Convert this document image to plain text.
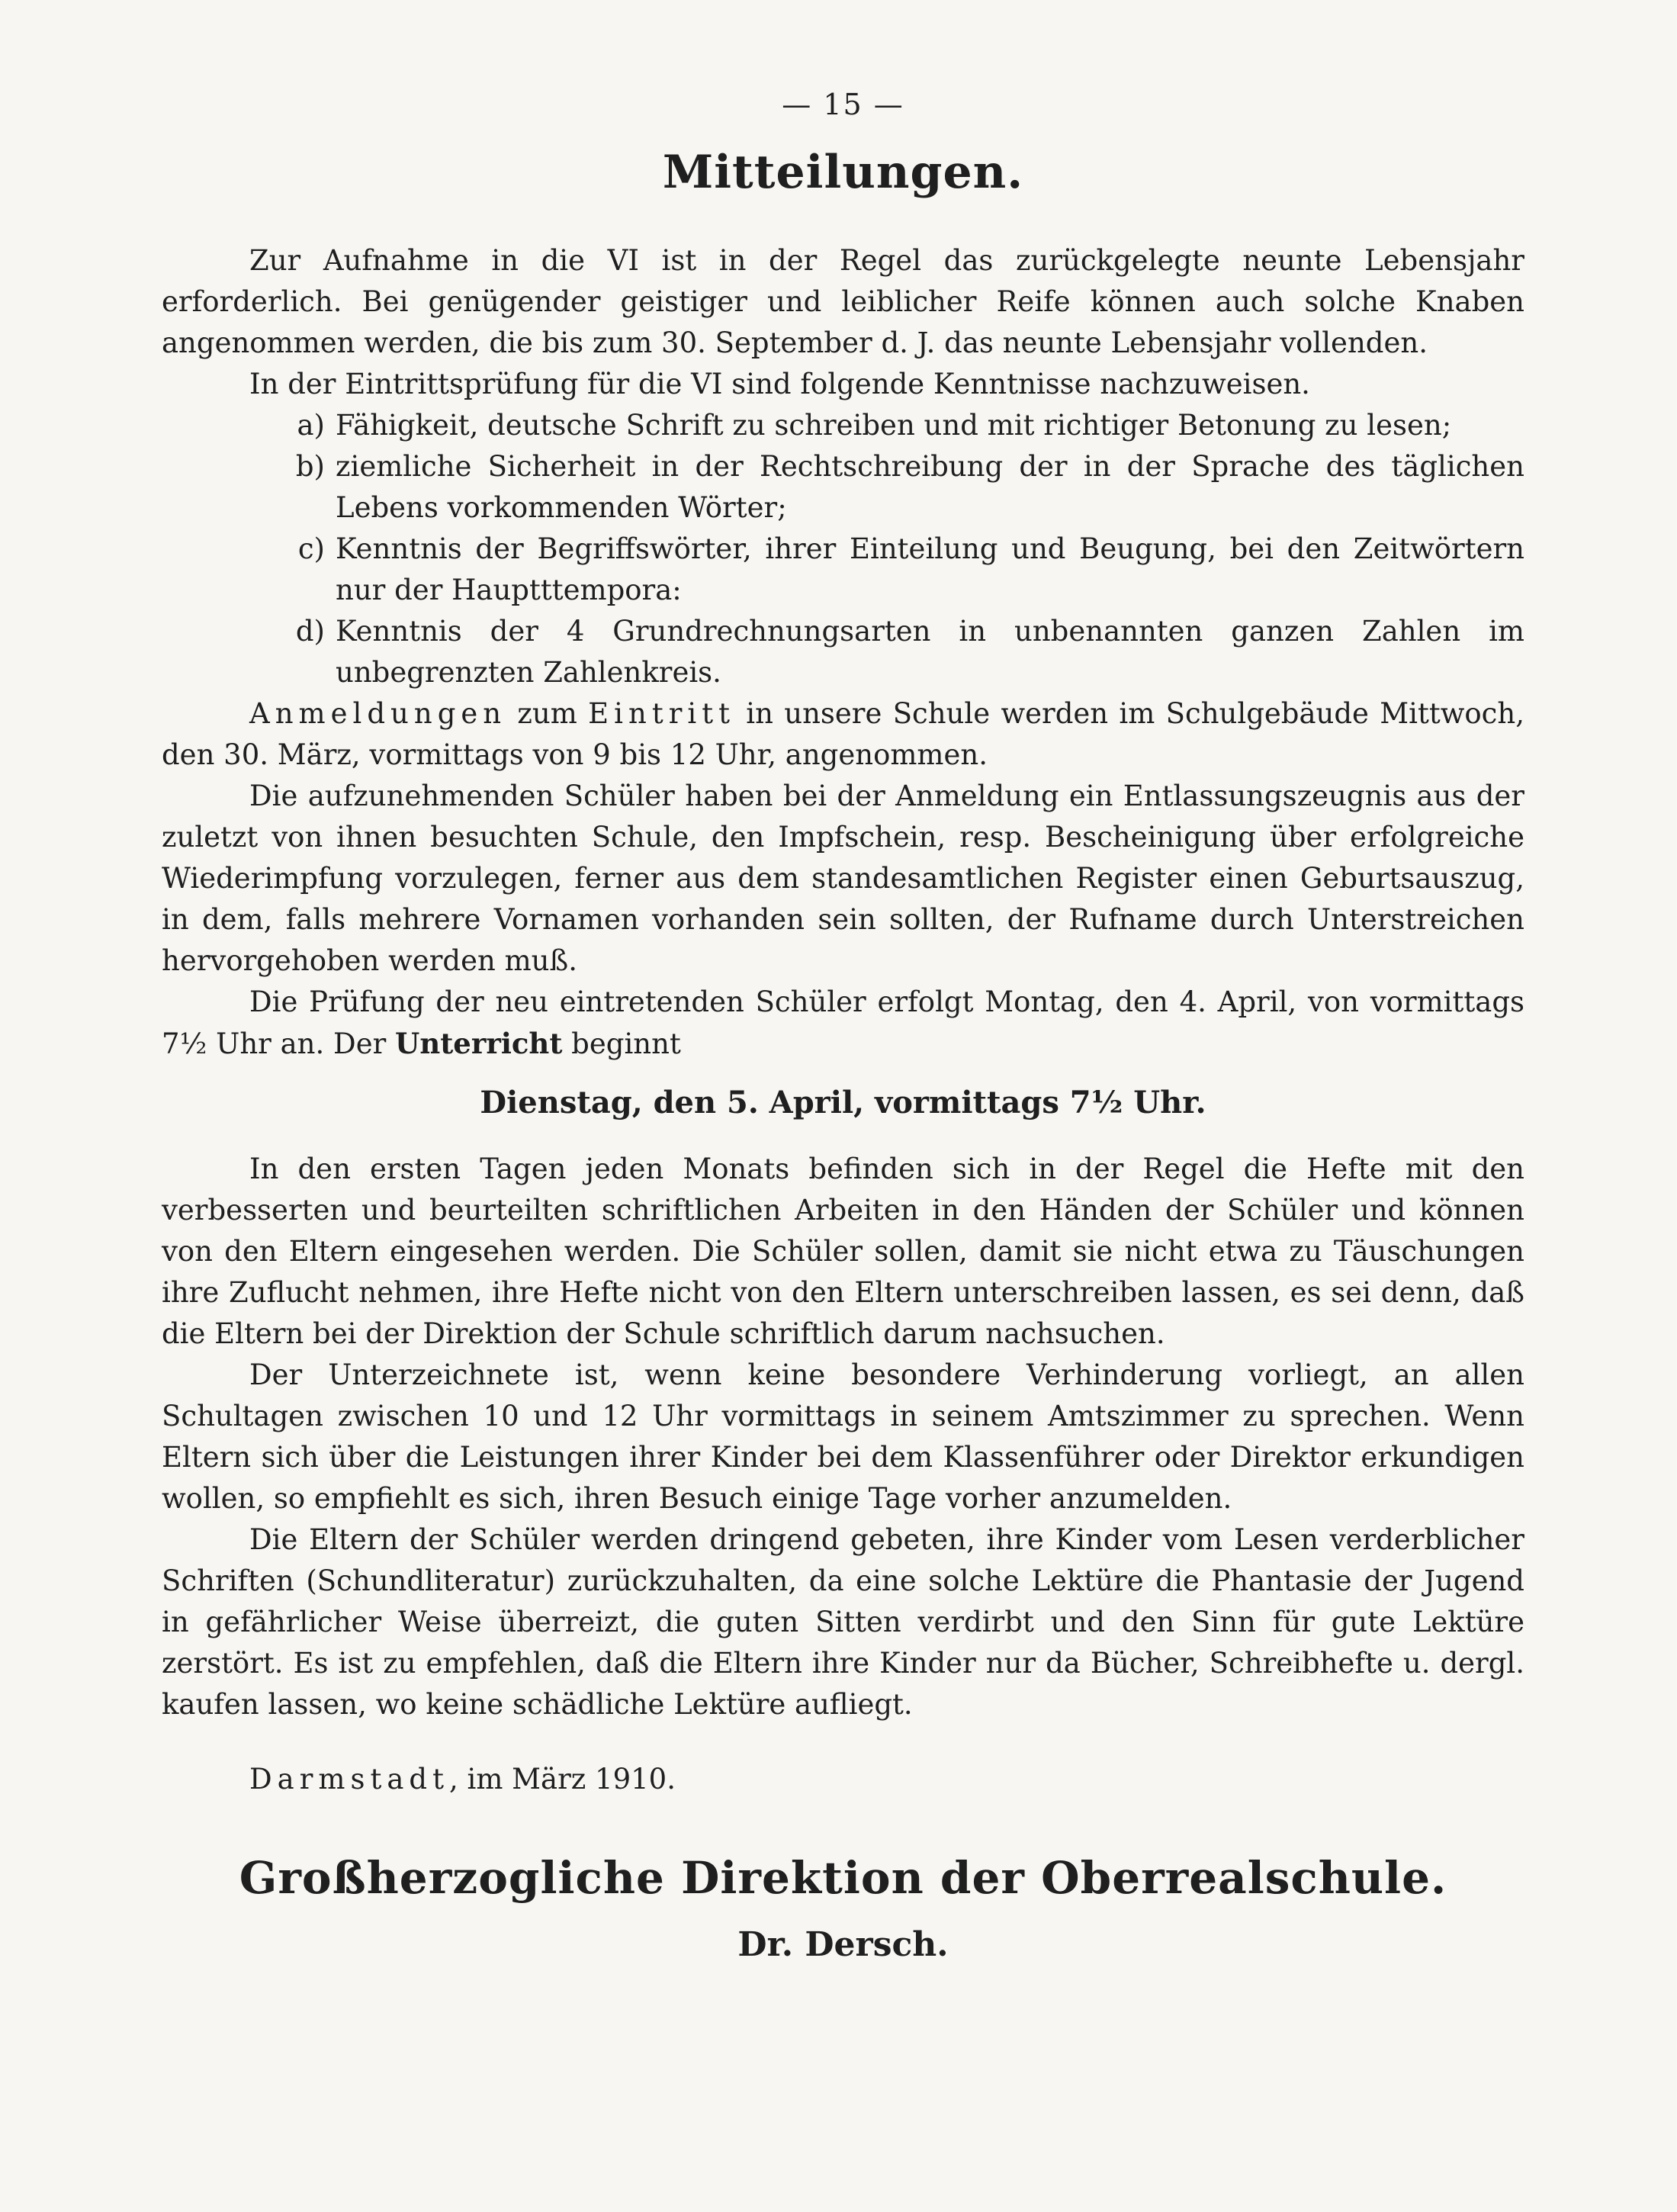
— 15 —
Mitteilungen.

Zur Aufnahme in die VI ist in der Regel das zurückgelegte neunte Lebensjahr erforderlich. Bei genügender geistiger und leiblicher Reife können auch solche Knaben angenommen werden, die bis zum 30. September d. J. das neunte Lebensjahr vollenden.

In der Eintrittsprüfung für die VI sind folgende Kenntnisse nachzuweisen.

a) Fähigkeit, deutsche Schrift zu schreiben und mit richtiger Betonung zu lesen;
b) ziemliche Sicherheit in der Rechtschreibung der in der Sprache des täglichen Lebens vorkommenden Wörter;
c) Kenntnis der Begriffswörter, ihrer Einteilung und Beugung, bei den Zeitwörtern nur der Hauptttempora:
d) Kenntnis der 4 Grundrechnungsarten in unbenannten ganzen Zahlen im unbegrenzten Zahlenkreis.

Anmeldungen zum Eintritt in unsere Schule werden im Schulgebäude Mittwoch, den 30. März, vormittags von 9 bis 12 Uhr, angenommen.

Die aufzunehmenden Schüler haben bei der Anmeldung ein Entlassungszeugnis aus der zuletzt von ihnen besuchten Schule, den Impfschein, resp. Bescheinigung über erfolgreiche Wiederimpfung vorzulegen, ferner aus dem standesamtlichen Register einen Geburtsauszug, in dem, falls mehrere Vornamen vorhanden sein sollten, der Rufname durch Unterstreichen hervorgehoben werden muß.

Die Prüfung der neu eintretenden Schüler erfolgt Montag, den 4. April, von vormittags 7½ Uhr an. Der Unterricht beginnt

Dienstag, den 5. April, vormittags 7½ Uhr.

In den ersten Tagen jeden Monats befinden sich in der Regel die Hefte mit den verbesserten und beurteilten schriftlichen Arbeiten in den Händen der Schüler und können von den Eltern eingesehen werden. Die Schüler sollen, damit sie nicht etwa zu Täuschungen ihre Zuflucht nehmen, ihre Hefte nicht von den Eltern unterschreiben lassen, es sei denn, daß die Eltern bei der Direktion der Schule schriftlich darum nachsuchen.

Der Unterzeichnete ist, wenn keine besondere Verhinderung vorliegt, an allen Schultagen zwischen 10 und 12 Uhr vormittags in seinem Amtszimmer zu sprechen. Wenn Eltern sich über die Leistungen ihrer Kinder bei dem Klassenführer oder Direktor erkundigen wollen, so empfiehlt es sich, ihren Besuch einige Tage vorher anzumelden.

Die Eltern der Schüler werden dringend gebeten, ihre Kinder vom Lesen verderblicher Schriften (Schundliteratur) zurückzuhalten, da eine solche Lektüre die Phantasie der Jugend in gefährlicher Weise überreizt, die guten Sitten verdirbt und den Sinn für gute Lektüre zerstört. Es ist zu empfehlen, daß die Eltern ihre Kinder nur da Bücher, Schreibhefte u. dergl. kaufen lassen, wo keine schädliche Lektüre aufliegt.

Darmstadt, im März 1910.

Großherzogliche Direktion der Oberrealschule.
Dr. Dersch.
